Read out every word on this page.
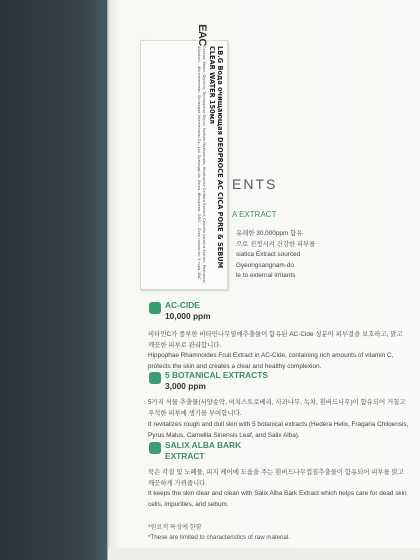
LB.G Вода очищающая DEOPROCE AC CICA PORE & SEBUM
CLEAR WATER 150мл
Состав: Water, Glycerin, Dipropylene Glycol, Sodium Hyaluronate, Houttuynia Cordata Extract, Centella Asiatica Extract, Panthenol, Allantoin... Изготовитель: Shinsegae International Co., Ltd. Gyeonggi-do, Korea. Импортер: ООО ... Срок годности: 3 года. EAC
EAC
ENTS
A EXTRACT
유래한 30,000ppm 함유
으로 진정시켜 건강한 피부를
siatica Extract sourced
Gyeongsangnam-do
le to external irritants
AC-CIDE
10,000 ppm
비타민C가 풍부한 비타민나무열매추출물이 함유된 AC-Cide 성분이 피부결을 보호하고, 맑고 깨끗한 피부로 관리합니다.
Hippophae Rhamnoides Fruit Extract in AC-Cide, containing rich amounts of vitamin C, protects the skin and creates a clear and healthy complexion.
5 BOTANICAL EXTRACTS
3,000 ppm
5가지 식물 추출물(서양송악, 비치스트로베리, 사과나무, 녹차, 흰버드나무)이 함유되어 거칠고 푸석한 피부에 생기를 부여합니다.
It revitalizes rough and dull skin with 5 botanical extracts (Hedera Helix, Fragaria Chiloensis, Pyrus Malus, Camellia Sinensis Leaf, and Salix Alba).
SALIX ALBA BARK
EXTRACT
묵은 각질 및 노폐물, 피지 케어에 도움을 주는 흰버드나무껍질추출물이 함유되어 피부를 맑고 깨끗하게 가꿔줍니다.
It keeps the skin clear and clean with Salix Alba Bark Extract which helps care for dead skin cells, impurities, and sebum.
*원료적 특성에 한함
*These are limited to characteristics of raw material.
